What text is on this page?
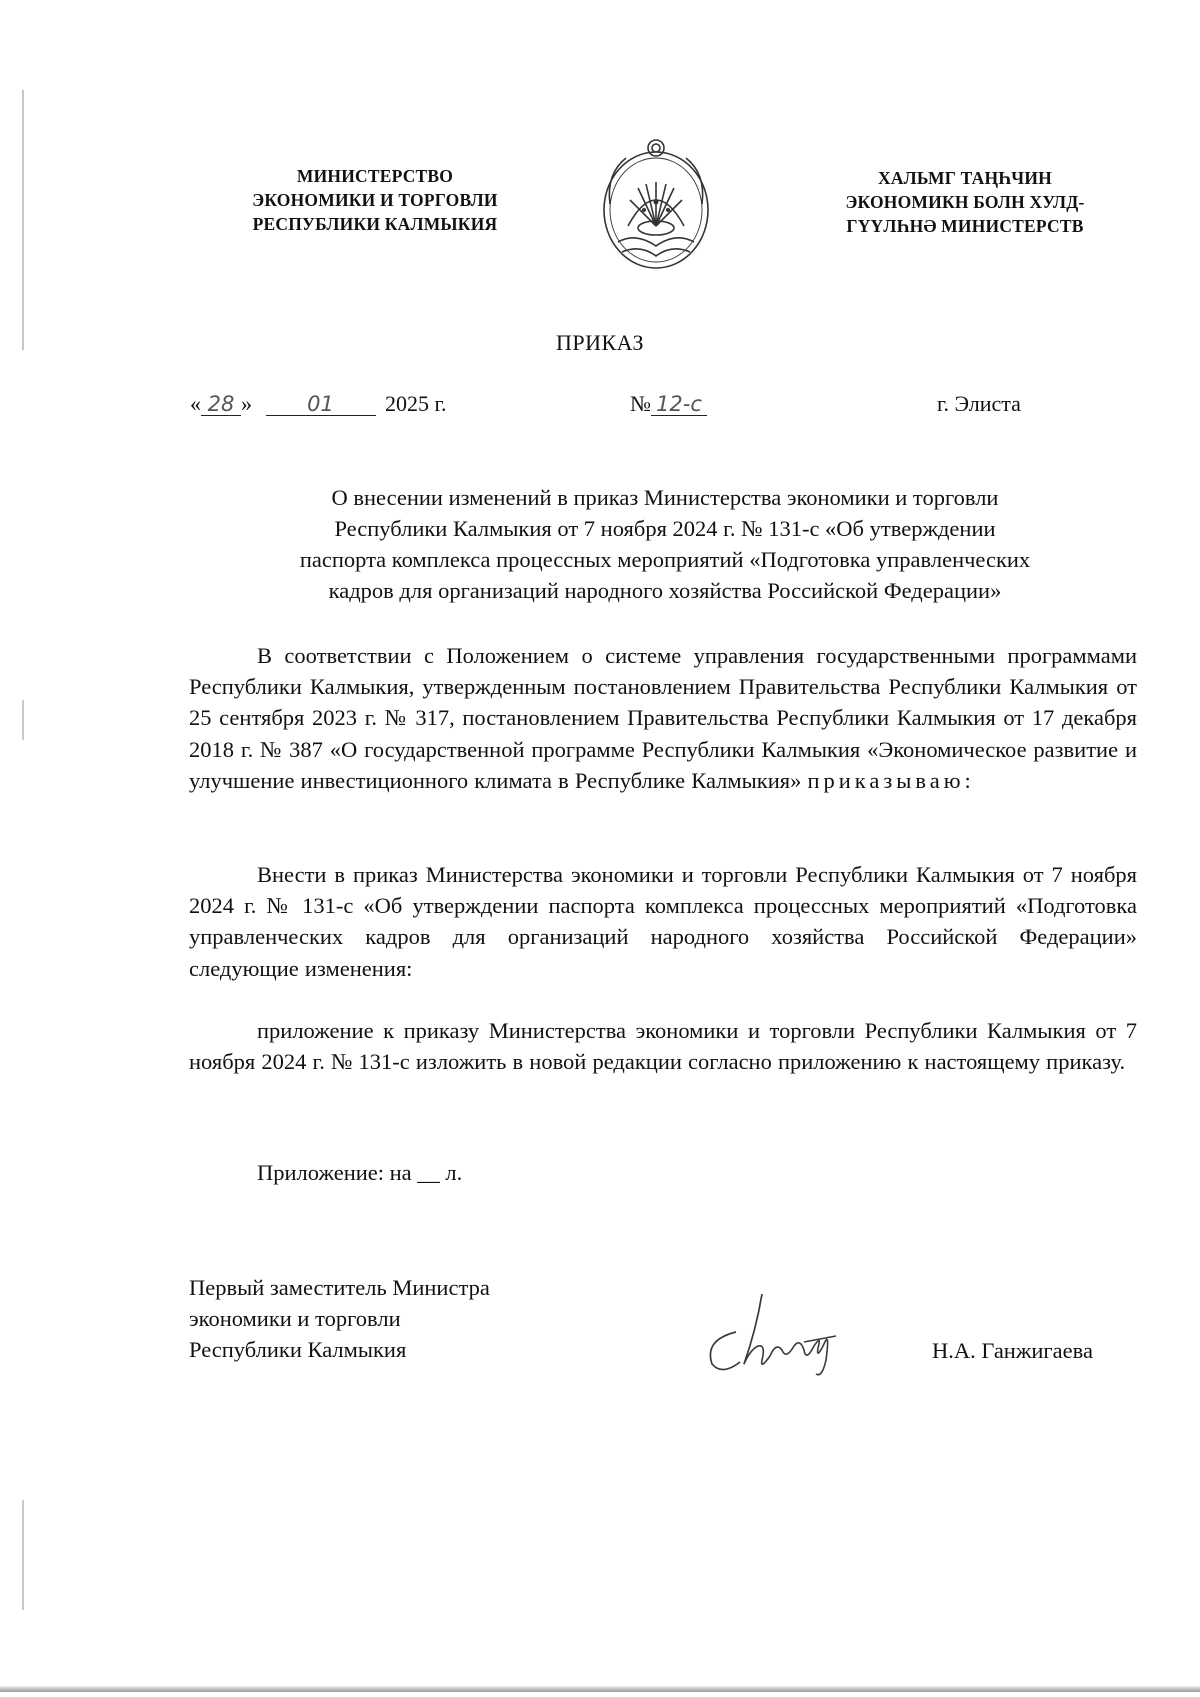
МИНИСТЕРСТВО
ЭКОНОМИКИ И ТОРГОВЛИ
РЕСПУБЛИКИ КАЛМЫКИЯ
ХАЛЬМГ ТАҢҺЧИН
ЭКОНОМИКН БОЛН ХУЛД-
ГҮҮЛҺНӘ МИНИСТЕРСТВ
ПРИКАЗ
« 28 »	01 2025 г.	№ 12-с	г. Элиста
О внесении изменений в приказ Министерства экономики и торговли
Республики Калмыкия от 7 ноября 2024 г. № 131-с «Об утверждении
паспорта комплекса процессных мероприятий «Подготовка управленческих
кадров для организаций народного хозяйства Российской Федерации»
В соответствии с Положением о системе управления государственными программами Республики Калмыкия, утвержденным постановлением Правительства Республики Калмыкия от 25 сентября 2023 г. № 317, постановлением Правительства Республики Калмыкия от 17 декабря 2018 г. № 387 «О государственной программе Республики Калмыкия «Экономическое развитие и улучшение инвестиционного климата в Республике Калмыкия» приказываю:
Внести в приказ Министерства экономики и торговли Республики Калмыкия от 7 ноября 2024 г. № 131-с «Об утверждении паспорта комплекса процессных мероприятий «Подготовка управленческих кадров для организаций народного хозяйства Российской Федерации» следующие изменения:
приложение к приказу Министерства экономики и торговли Республики Калмыкия от 7 ноября 2024 г. № 131-с изложить в новой редакции согласно приложению к настоящему приказу.
Приложение: на __ л.
Первый заместитель Министра
экономики и торговли
Республики Калмыкия	Н.А. Ганжигаева
